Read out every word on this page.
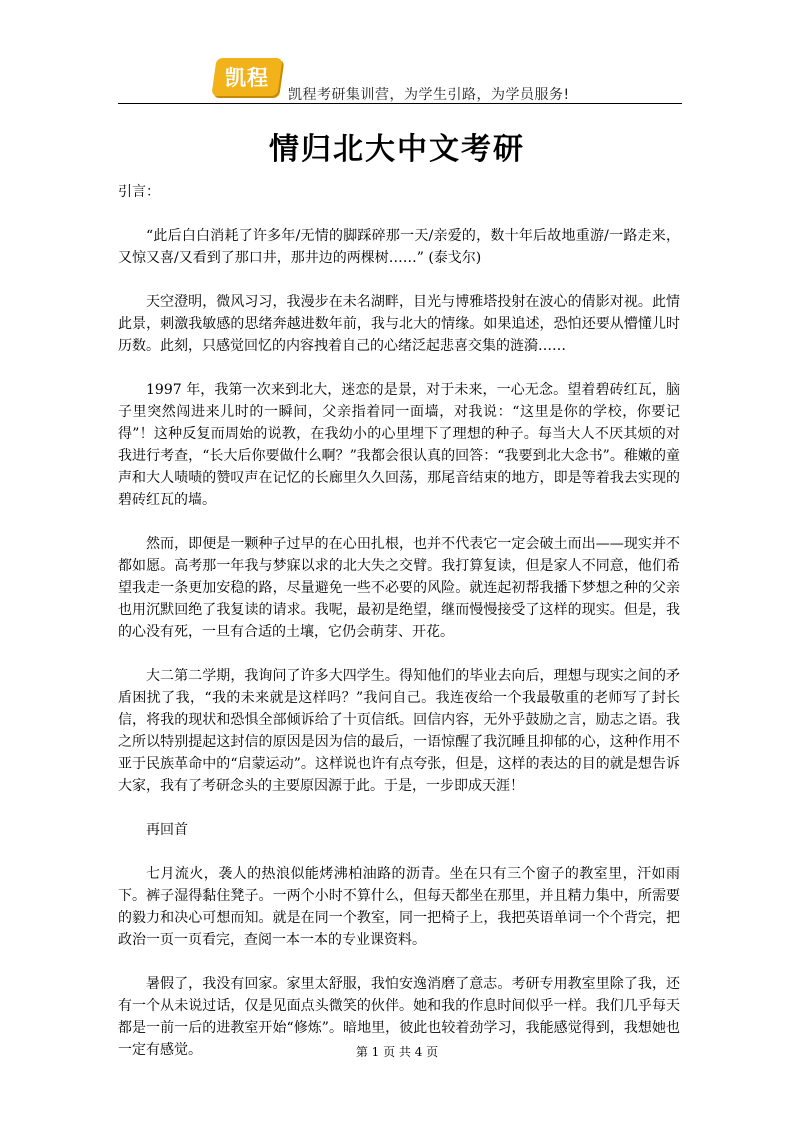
凯程
凯程考研集训营，为学生引路，为学员服务!
情归北大中文考研

引言：

“此后白白消耗了许多年/无情的脚踩碎那一天/亲爱的，数十年后故地重游/一路走来，又惊又喜/又看到了那口井，那井边的两棵树……” (泰戈尔)

天空澄明，微风习习，我漫步在未名湖畔，目光与博雅塔投射在波心的倩影对视。此情此景，刺激我敏感的思绪奔越进数年前，我与北大的情缘。如果追述，恐怕还要从懵懂儿时历数。此刻，只感觉回忆的内容拽着自己的心绪泛起悲喜交集的涟漪……

1997 年，我第一次来到北大，迷恋的是景，对于未来，一心无念。望着碧砖红瓦，脑子里突然闯进来儿时的一瞬间，父亲指着同一面墙，对我说：“这里是你的学校，你要记得”！这种反复而周始的说教，在我幼小的心里埋下了理想的种子。每当大人不厌其烦的对我进行考查，“长大后你要做什么啊？”我都会很认真的回答：“我要到北大念书”。稚嫩的童声和大人啧啧的赞叹声在记忆的长廊里久久回荡，那尾音结束的地方，即是等着我去实现的碧砖红瓦的墙。

然而，即便是一颗种子过早的在心田扎根，也并不代表它一定会破土而出——现实并不都如愿。高考那一年我与梦寐以求的北大失之交臂。我打算复读，但是家人不同意，他们希望我走一条更加安稳的路，尽量避免一些不必要的风险。就连起初帮我播下梦想之种的父亲也用沉默回绝了我复读的请求。我呢，最初是绝望，继而慢慢接受了这样的现实。但是，我的心没有死，一旦有合适的土壤，它仍会萌芽、开花。

大二第二学期，我询问了许多大四学生。得知他们的毕业去向后，理想与现实之间的矛盾困扰了我，“我的未来就是这样吗？”我问自己。我连夜给一个我最敬重的老师写了封长信，将我的现状和恐惧全部倾诉给了十页信纸。回信内容，无外乎鼓励之言，励志之语。我之所以特别提起这封信的原因是因为信的最后，一语惊醒了我沉睡且抑郁的心，这种作用不亚于民族革命中的“启蒙运动”。这样说也许有点夸张，但是，这样的表达的目的就是想告诉大家，我有了考研念头的主要原因源于此。于是，一步即成天涯！

再回首

七月流火，袭人的热浪似能烤沸柏油路的沥青。坐在只有三个窗子的教室里，汗如雨下。裤子湿得黏住凳子。一两个小时不算什么，但每天都坐在那里，并且精力集中，所需要的毅力和决心可想而知。就是在同一个教室，同一把椅子上，我把英语单词一个个背完，把政治一页一页看完，查阅一本一本的专业课资料。

暑假了，我没有回家。家里太舒服，我怕安逸消磨了意志。考研专用教室里除了我，还有一个从未说过话，仅是见面点头微笑的伙伴。她和我的作息时间似乎一样。我们几乎每天都是一前一后的进教室开始“修炼”。暗地里，彼此也较着劲学习，我能感觉得到，我想她也一定有感觉。	第 1 页 共 4 页
